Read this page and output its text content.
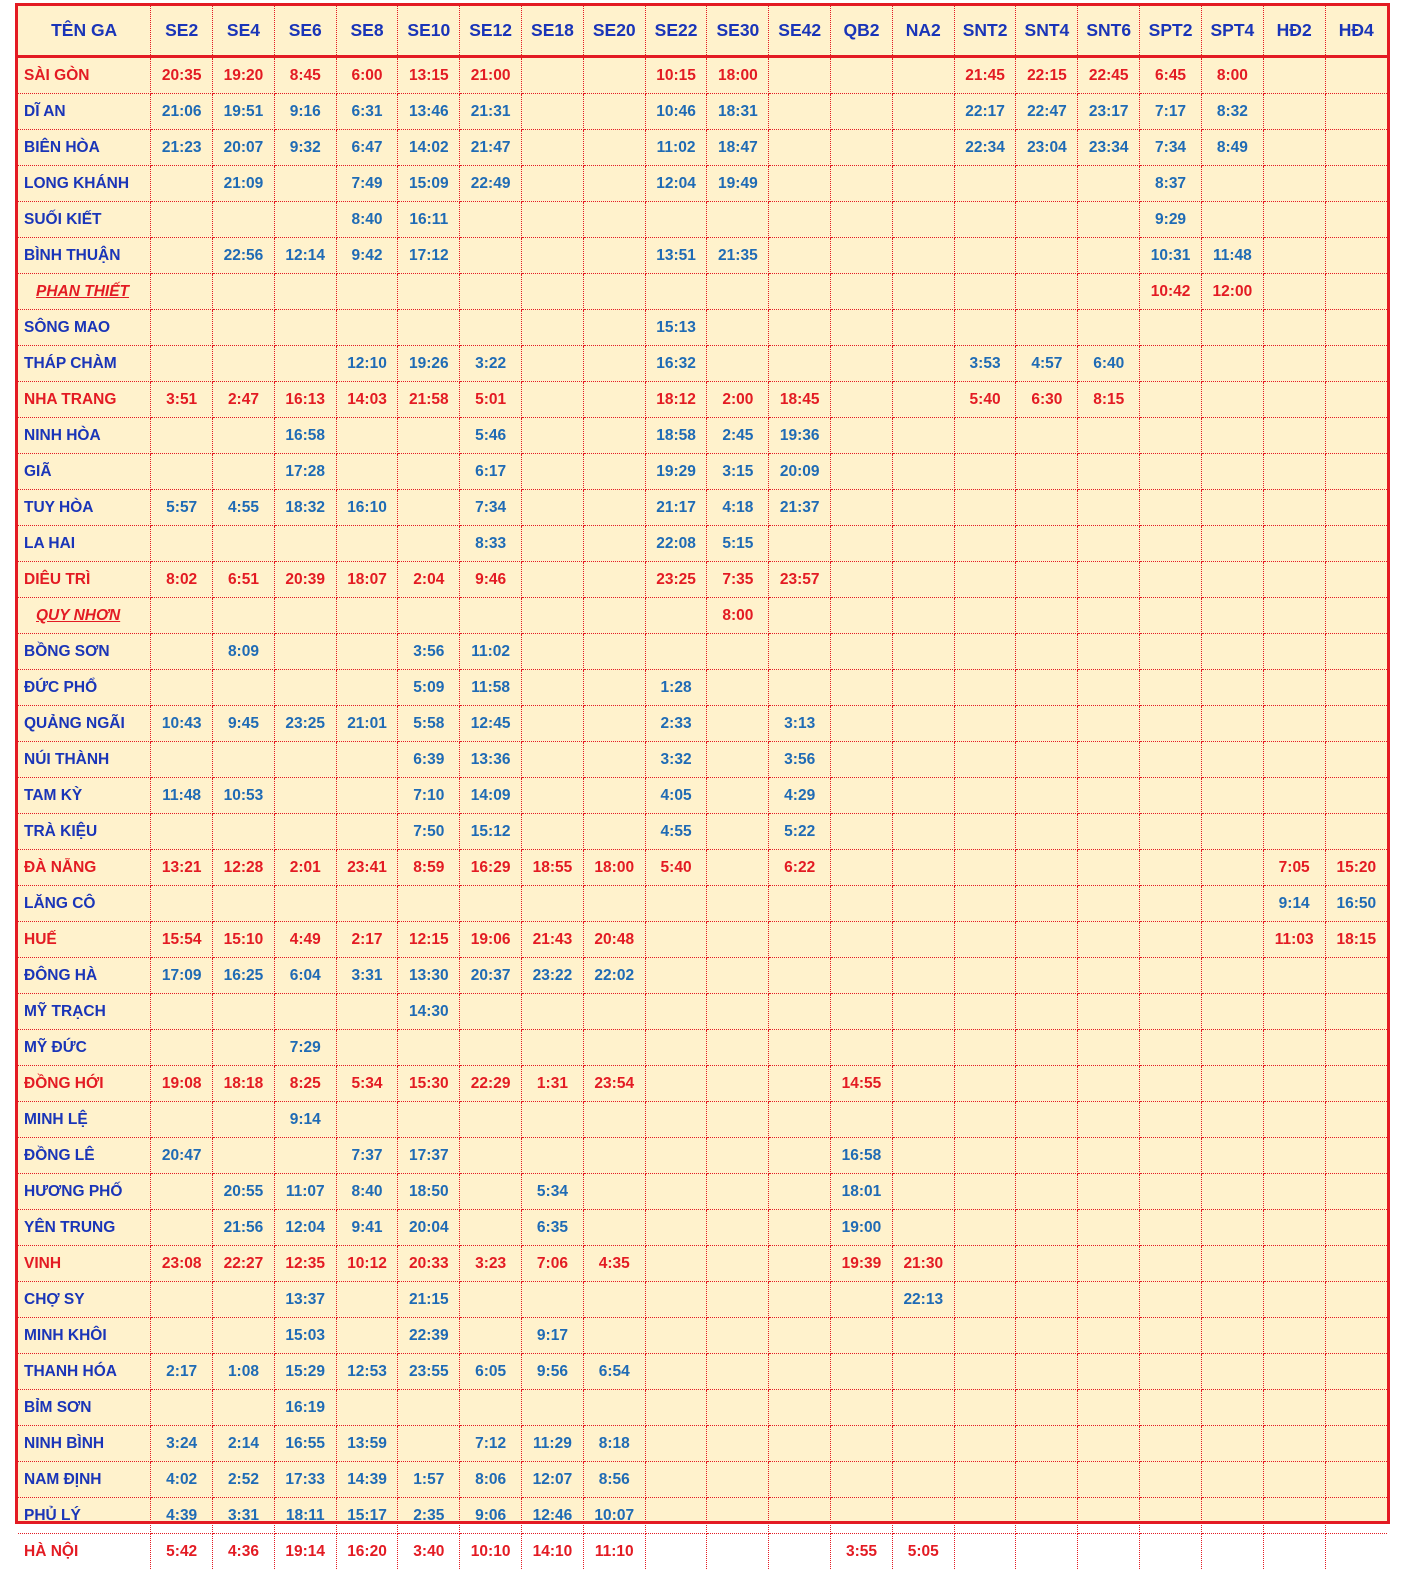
TÊN GA	SE2	SE4	SE6	SE8	SE10	SE12	SE18	SE20	SE22	SE30	SE42	QB2	NA2	SNT2	SNT4	SNT6	SPT2	SPT4	HĐ2	HĐ4
SÀI GÒN	20:35	19:20	8:45	6:00	13:15	21:00			10:15	18:00				21:45	22:15	22:45	6:45	8:00		
DĨ AN	21:06	19:51	9:16	6:31	13:46	21:31			10:46	18:31				22:17	22:47	23:17	7:17	8:32		
BIÊN HÒA	21:23	20:07	9:32	6:47	14:02	21:47			11:02	18:47				22:34	23:04	23:34	7:34	8:49		
LONG KHÁNH		21:09		7:49	15:09	22:49			12:04	19:49							8:37			
SUỐI KIẾT				8:40	16:11												9:29			
BÌNH THUẬN		22:56	12:14	9:42	17:12				13:51	21:35							10:31	11:48		
PHAN THIẾT																	10:42	12:00		
SÔNG MAO									15:13											
THÁP CHÀM				12:10	19:26	3:22			16:32					3:53	4:57	6:40				
NHA TRANG	3:51	2:47	16:13	14:03	21:58	5:01			18:12	2:00	18:45			5:40	6:30	8:15				
NINH HÒA			16:58			5:46			18:58	2:45	19:36									
GIÃ			17:28			6:17			19:29	3:15	20:09									
TUY HÒA	5:57	4:55	18:32	16:10		7:34			21:17	4:18	21:37									
LA HAI						8:33			22:08	5:15										
DIÊU TRÌ	8:02	6:51	20:39	18:07	2:04	9:46			23:25	7:35	23:57									
QUY NHƠN										8:00										
BỒNG SƠN		8:09			3:56	11:02														
ĐỨC PHỔ					5:09	11:58			1:28											
QUẢNG NGÃI	10:43	9:45	23:25	21:01	5:58	12:45			2:33		3:13									
NÚI THÀNH					6:39	13:36			3:32		3:56									
TAM KỲ	11:48	10:53			7:10	14:09			4:05		4:29									
TRÀ KIỆU					7:50	15:12			4:55		5:22									
ĐÀ NẴNG	13:21	12:28	2:01	23:41	8:59	16:29	18:55	18:00	5:40		6:22								7:05	15:20
LĂNG CÔ																			9:14	16:50
HUẾ	15:54	15:10	4:49	2:17	12:15	19:06	21:43	20:48											11:03	18:15
ĐÔNG HÀ	17:09	16:25	6:04	3:31	13:30	20:37	23:22	22:02												
MỸ TRẠCH					14:30															
MỸ ĐỨC			7:29																	
ĐỒNG HỚI	19:08	18:18	8:25	5:34	15:30	22:29	1:31	23:54				14:55								
MINH LỆ			9:14																	
ĐỒNG LÊ	20:47			7:37	17:37							16:58								
HƯƠNG PHỐ		20:55	11:07	8:40	18:50		5:34					18:01								
YÊN TRUNG		21:56	12:04	9:41	20:04		6:35					19:00								
VINH	23:08	22:27	12:35	10:12	20:33	3:23	7:06	4:35				19:39	21:30							
CHỢ SY			13:37		21:15								22:13							
MINH KHÔI			15:03		22:39		9:17													
THANH HÓA	2:17	1:08	15:29	12:53	23:55	6:05	9:56	6:54												
BỈM SƠN			16:19																	
NINH BÌNH	3:24	2:14	16:55	13:59		7:12	11:29	8:18												
NAM ĐỊNH	4:02	2:52	17:33	14:39	1:57	8:06	12:07	8:56												
PHỦ LÝ	4:39	3:31	18:11	15:17	2:35	9:06	12:46	10:07												
HÀ NỘI	5:42	4:36	19:14	16:20	3:40	10:10	14:10	11:10				3:55	5:05							
